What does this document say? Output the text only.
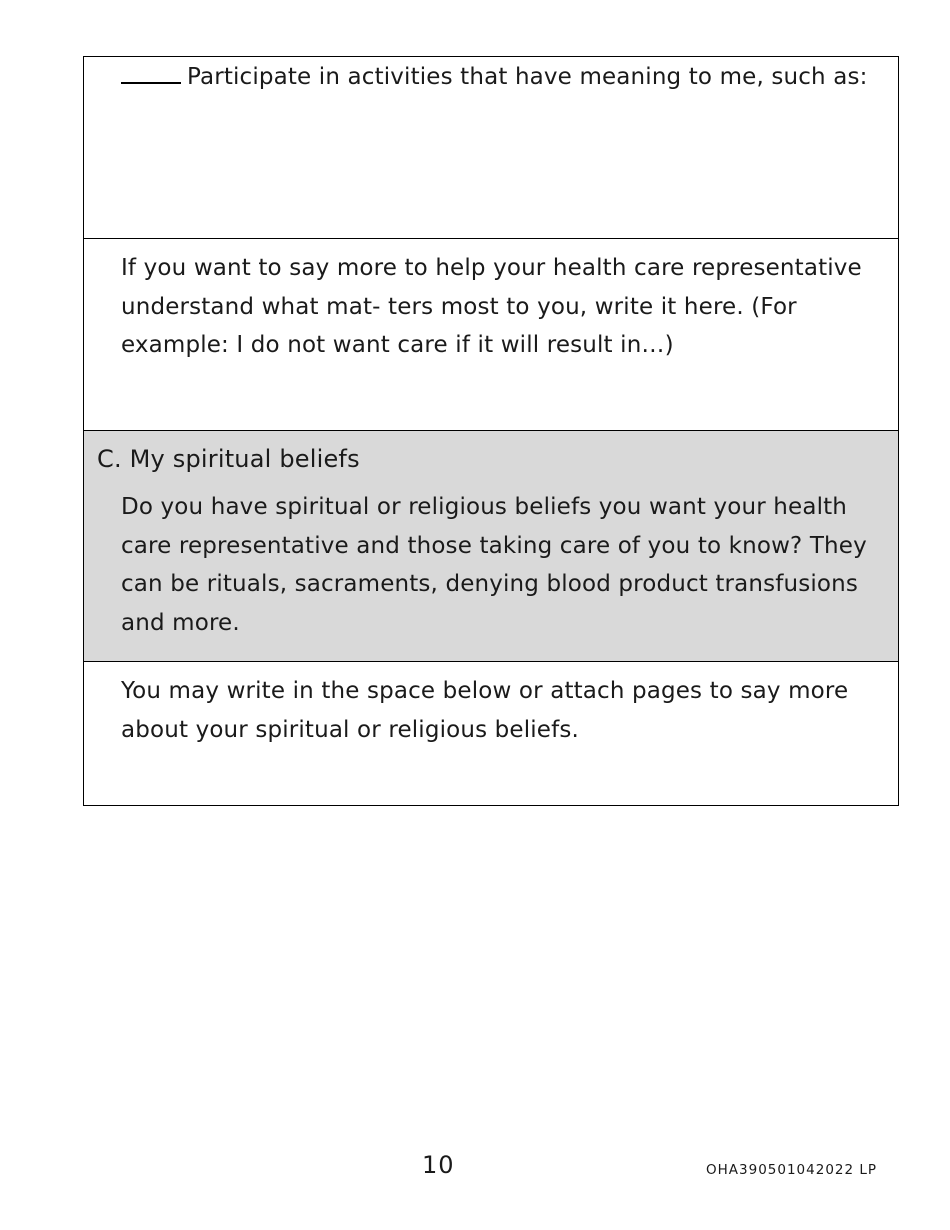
Participate in activities that have meaning to me, such as:

If you want to say more to help your health care representative understand what mat- ters most to you, write it here. (For example: I do not want care if it will result in…)

C. My spiritual beliefs

Do you have spiritual or religious beliefs you want your health care representative and those taking care of you to know? They can be rituals, sacraments, denying blood product transfusions and more.

You may write in the space below or attach pages to say more about your spiritual or religious beliefs.

10	OHA390501042022 LP
